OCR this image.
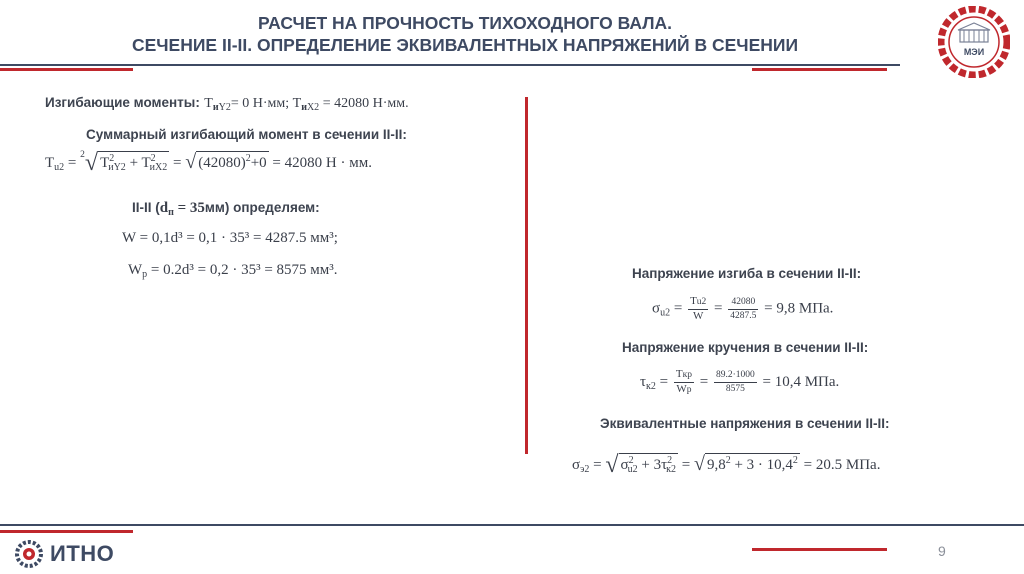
РАСЧЕТ НА ПРОЧНОСТЬ ТИХОХОДНОГО ВАЛА.
СЕЧЕНИЕ II-II. ОПРЕДЕЛЕНИЕ ЭКВИВАЛЕНТНЫХ НАПРЯЖЕНИЙ В СЕЧЕНИИ	МЭИ
Изгибающие моменты: $T_{иY2}= 0$ Н·мм; $T_{иX2} = 42080$ Н·мм.
Суммарный изгибающий момент в сечении II-II:
$T_{u2} = ^2√$ $T^2_{иY2} + T^2_{иX2}$ = √ $(42080)^2+0 = 42080$ Н · мм.
II-II $(d_п = 35мм)$ определяем:
W = 0,1d³ = 0,1 · 35³ = 4287.5 мм³;
$W_p = 0.2d^3 = 0,2 \cdot 35^3 = 8575$ мм³.	Напряжение изгиба в сечении II-II:
$\sigma_{u2} = \frac{Tu2}{W} = \frac{42080}{4287.5} = 9,8$ МПа.
Напряжение кручения в сечении II-II:
$\tau_{к2} = \frac{\text{Tкр}}{Wp} = \frac{89.2\cdot 1000}{8575} = 10,4$ МПа.
Эквивалентные напряжения в сечении II-II:
$\sigma_{э2}$ = √ $\sigma^2_{u2} + 3\tau^2_{к2}$ = √ $9,8^2 + 3 \cdot 10,4^2 = 20.5$ МПа.
ИТНО	9
